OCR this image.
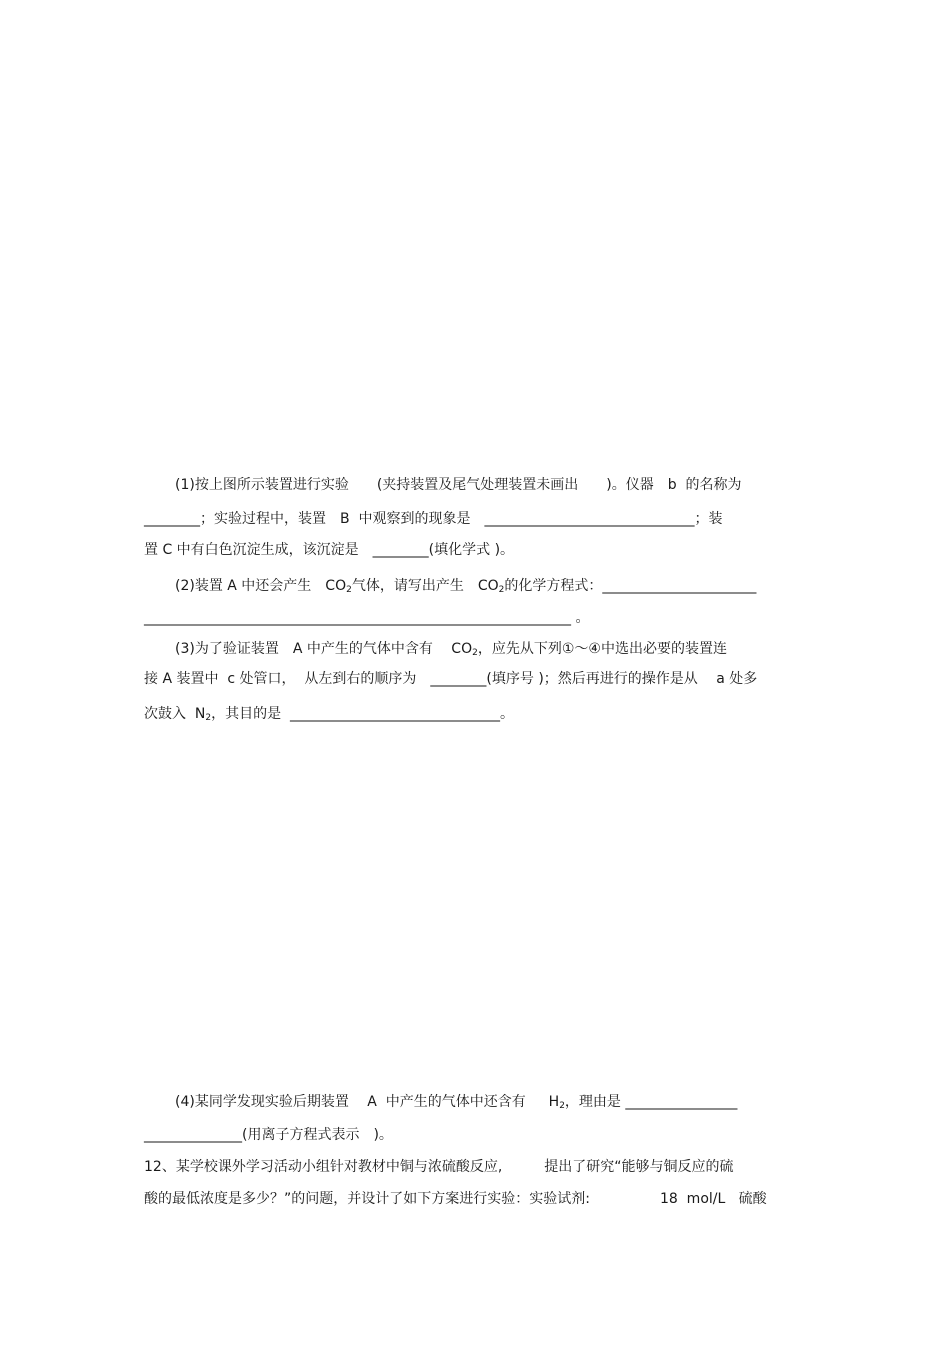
(1)按上图所示装置进行实验　　(夹持装置及尾气处理装置未画出　　)。仪器　b  的名称为
________；实验过程中，装置　B  中观察到的现象是　______________________________；装
置 C 中有白色沉淀生成，该沉淀是　________(填化学式 )。
(2)装置 A 中还会产生　$CO_2$气体，请写出产生　$CO_2$的化学方程式：______________________
_____________________________________________________________ 。
(3)为了验证装置　A 中产生的气体中含有　 $CO_2$，应先从下列①～④中选出必要的装置连
接 A 装置中  c 处管口，  从左到右的顺序为　________(填序号 )；然后再进行的操作是从　 a 处多
次鼓入  $N_2$，其目的是  ______________________________。
(4)某同学发现实验后期装置　 A  中产生的气体中还含有　  $H_2$，理由是 ________________
______________(用离子方程式表示　)。
12、某学校课外学习活动小组针对教材中铜与浓硫酸反应,　　　提出了研究“能够与铜反应的硫
酸的最低浓度是多少？”的问题，并设计了如下方案进行实验：实验试剂:　　　　　18  mol/L   硫酸
